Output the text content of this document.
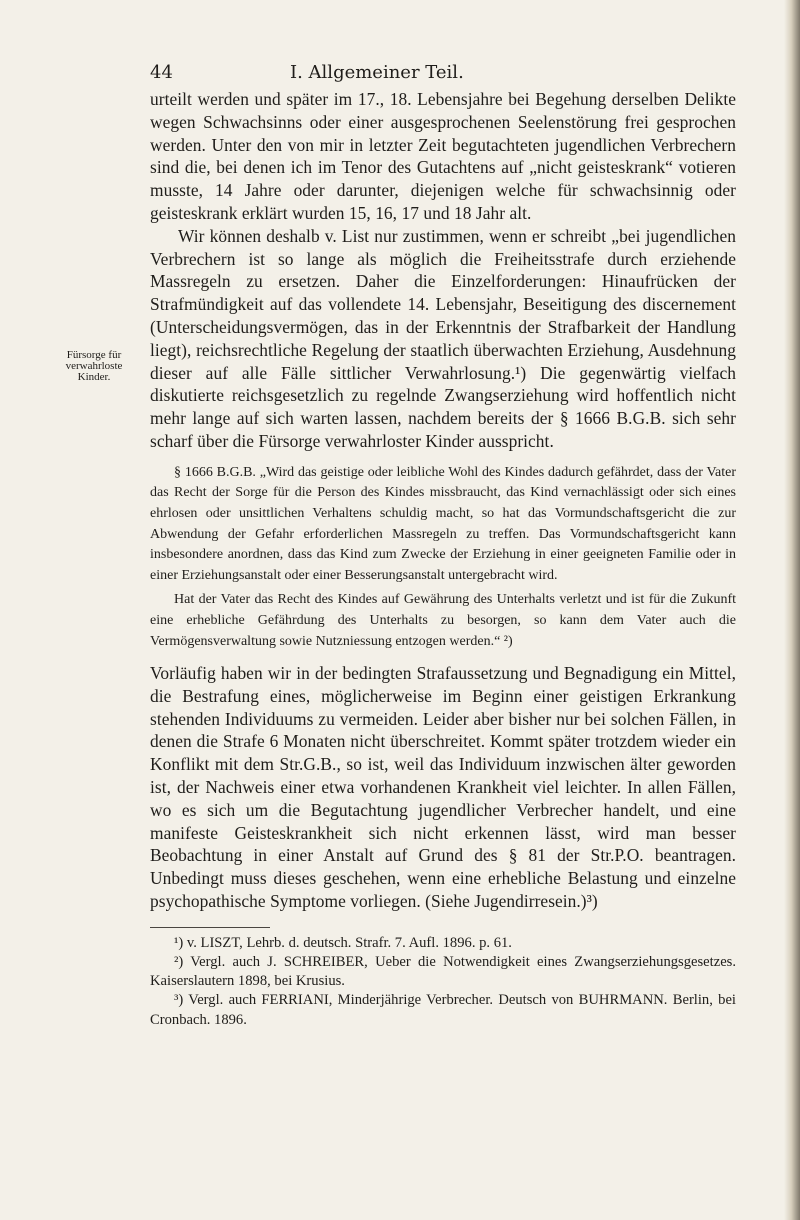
44	I. Allgemeiner Teil.
Fürsorge für
verwahrloste
Kinder.

urteilt werden und später im 17., 18. Lebensjahre bei Begehung derselben Delikte wegen Schwachsinns oder einer ausgesprochenen Seelenstörung frei gesprochen werden. Unter den von mir in letzter Zeit begutachteten jugendlichen Verbrechern sind die, bei denen ich im Tenor des Gutachtens auf „nicht geisteskrank“ votieren musste, 14 Jahre oder darunter, diejenigen welche für schwachsinnig oder geisteskrank erklärt wurden 15, 16, 17 und 18 Jahr alt.

Wir können deshalb v. List nur zustimmen, wenn er schreibt „bei jugendlichen Verbrechern ist so lange als möglich die Freiheitsstrafe durch erziehende Massregeln zu ersetzen. Daher die Einzelforderungen: Hinaufrücken der Strafmündigkeit auf das vollendete 14. Lebensjahr, Beseitigung des discernement (Unterscheidungsvermögen, das in der Erkenntnis der Strafbarkeit der Handlung liegt), reichsrechtliche Regelung der staatlich überwachten Erziehung, Ausdehnung dieser auf alle Fälle sittlicher Verwahrlosung.¹) Die gegenwärtig vielfach diskutierte reichsgesetzlich zu regelnde Zwangserziehung wird hoffentlich nicht mehr lange auf sich warten lassen, nachdem bereits der § 1666 B.G.B. sich sehr scharf über die Fürsorge verwahrloster Kinder ausspricht.

§ 1666 B.G.B. „Wird das geistige oder leibliche Wohl des Kindes dadurch gefährdet, dass der Vater das Recht der Sorge für die Person des Kindes missbraucht, das Kind vernachlässigt oder sich eines ehrlosen oder unsittlichen Verhaltens schuldig macht, so hat das Vormundschaftsgericht die zur Abwendung der Gefahr erforderlichen Massregeln zu treffen. Das Vormundschaftsgericht kann insbesondere anordnen, dass das Kind zum Zwecke der Erziehung in einer geeigneten Familie oder in einer Erziehungsanstalt oder einer Besserungsanstalt untergebracht wird.

Hat der Vater das Recht des Kindes auf Gewährung des Unterhalts verletzt und ist für die Zukunft eine erhebliche Gefährdung des Unterhalts zu besorgen, so kann dem Vater auch die Vermögensverwaltung sowie Nutzniessung entzogen werden.“ ²)

Vorläufig haben wir in der bedingten Strafaussetzung und Begnadigung ein Mittel, die Bestrafung eines, möglicherweise im Beginn einer geistigen Erkrankung stehenden Individuums zu vermeiden. Leider aber bisher nur bei solchen Fällen, in denen die Strafe 6 Monaten nicht überschreitet. Kommt später trotzdem wieder ein Konflikt mit dem Str.G.B., so ist, weil das Individuum inzwischen älter geworden ist, der Nachweis einer etwa vorhandenen Krankheit viel leichter. In allen Fällen, wo es sich um die Begutachtung jugendlicher Verbrecher handelt, und eine manifeste Geisteskrankheit sich nicht erkennen lässt, wird man besser Beobachtung in einer Anstalt auf Grund des § 81 der Str.P.O. beantragen. Unbedingt muss dieses geschehen, wenn eine erhebliche Belastung und einzelne psychopathische Symptome vorliegen. (Siehe Jugendirresein.)³)

¹) v. LISZT, Lehrb. d. deutsch. Strafr. 7. Aufl. 1896. p. 61.

²) Vergl. auch J. SCHREIBER, Ueber die Notwendigkeit eines Zwangserziehungsgesetzes. Kaiserslautern 1898, bei Krusius.

³) Vergl. auch FERRIANI, Minderjährige Verbrecher. Deutsch von BUHRMANN. Berlin, bei Cronbach. 1896.
